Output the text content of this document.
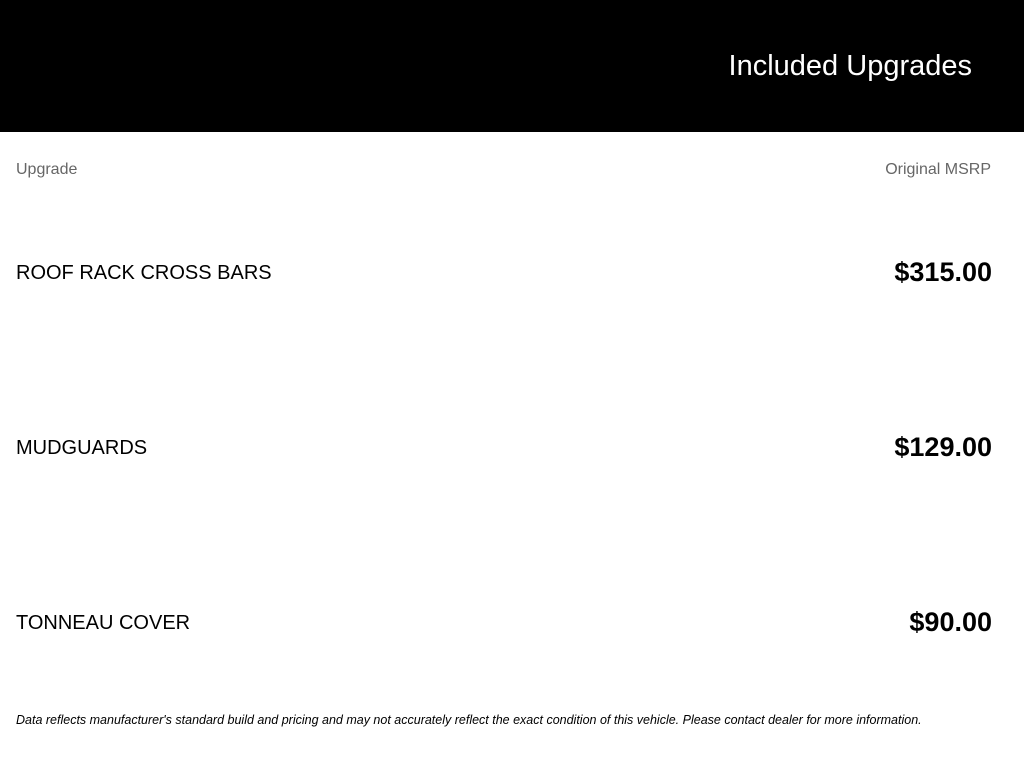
Included Upgrades
Upgrade	Original MSRP
ROOF RACK CROSS BARS	$315.00
MUDGUARDS	$129.00
TONNEAU COVER	$90.00

Data reflects manufacturer's standard build and pricing and may not accurately reflect the exact condition of this vehicle. Please contact dealer for more information.
